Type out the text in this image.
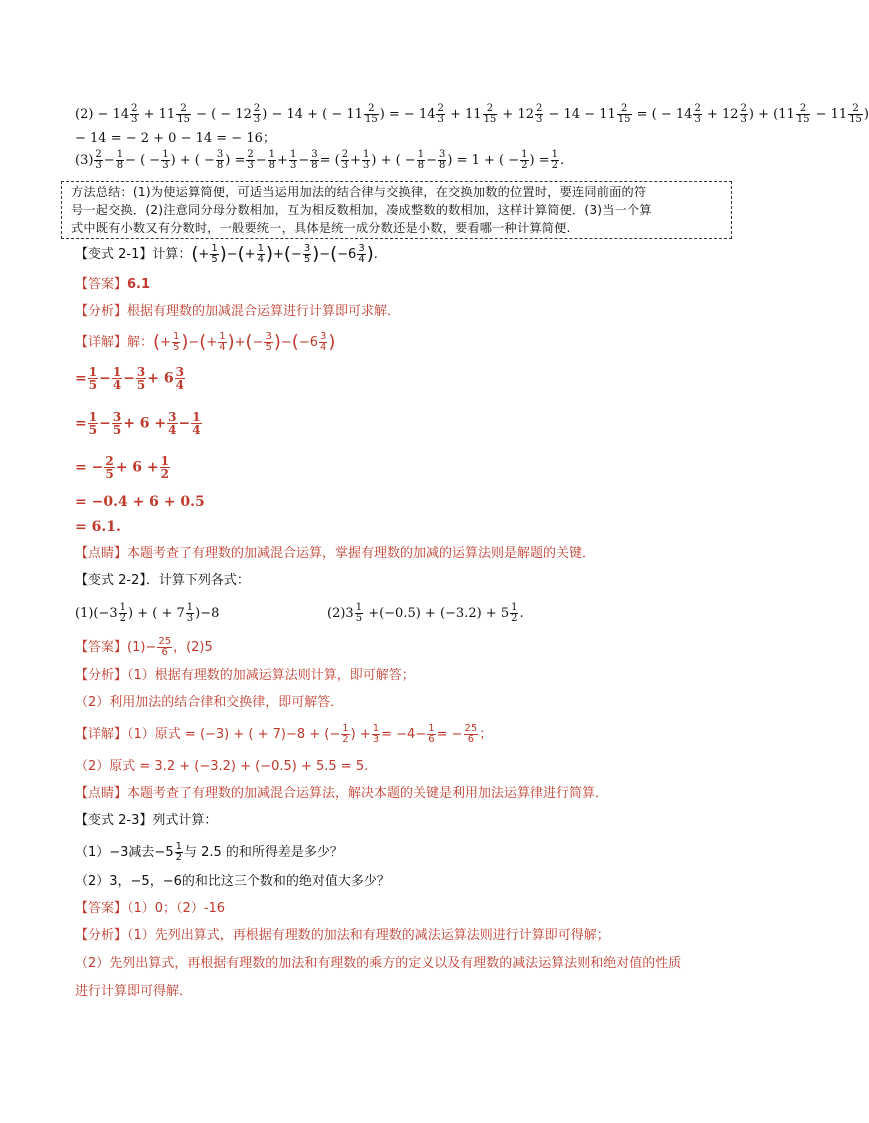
$(2) - 14 \frac{2}{3} + 11 \frac{2}{15}$ − ( − $12 \frac{2}{3}$ ) − 14 + ( − $11 \frac{2}{15}$ ) = − $14 \frac{2}{3} + 11 \frac{2}{15} + 12 \frac{2}{3} - 14 - 11 \frac{2}{15}$ = ( − $14 \frac{2}{3} + 12 \frac{2}{3}$ ) + ($11 \frac{2}{15} - 11 \frac{2}{15}$ )
− 14 = − 2 + 0 − 14 = − 16；
$(3) \frac{2}{3} - \frac{1}{8}$ − ( − $\frac{1}{3}$ ) + ( − $\frac{3}{8}$ ) = $\frac{2}{3} - \frac{1}{8} + \frac{1}{3} - \frac{3}{8}$ = ( $\frac{2}{3} + \frac{1}{3}$ ) + ( − $\frac{1}{8} - \frac{3}{8}$ ) = 1 + ( − $\frac{1}{2}$ ) = $\frac{1}{2}$ .
方法总结：(1)为使运算简便，可适当运用加法的结合律与交换律，在交换加数的位置时，要连同前面的符
号一起交换．(2)注意同分母分数相加，互为相反数相加，凑成整数的数相加，这样计算简便．(3)当一个算
式中既有小数又有分数时，一般要统一，具体是统一成分数还是小数，要看哪一种计算简便.
【变式 2-1】计算：(+ $\frac{1}{5}$ )−(+ $\frac{1}{4}$ )+(− $\frac{3}{5} )-(-6 \frac{3}{4}$ ).
【答案】6.1
【分析】根据有理数的加减混合运算进行计算即可求解．
【详解】解：(+ $\frac{1}{5}$ )−(+ $\frac{1}{4}$ )+(− $\frac{3}{5} )-(-6 \frac{3}{4}$ )
= $\frac{1}{5} - \frac{1}{4} - \frac{3}{5} + 6 \frac{3}{4}$
= $\frac{1}{5} - \frac{3}{5} + 6 + \frac{3}{4} - \frac{1}{4}$
= − $\frac{2}{5} + 6 + \frac{1}{2}$
= −0.4 + 6 + 0.5
= 6.1.
【点睛】本题考查了有理数的加减混合运算，掌握有理数的加减的运算法则是解题的关键．
【变式 2-2】．计算下列各式：
$(1)(-3 \frac{1}{2}$ ) + ( + $7 \frac{1}{3} )-8$	$(2)3 \frac{1}{5} +(-0.5) + (-3.2) + 5 \frac{1}{2}$ .
【答案】$(1)- \frac{25}{6}$ ，(2)5
【分析】（1）根据有理数的加减运算法则计算，即可解答；
（2）利用加法的结合律和交换律，即可解答．
【详解】（1）原式 = (−3) + ( + 7)−8 + (− $\frac{1}{2}$ ) + $\frac{1}{3} = -4- \frac{1}{6}$ = − $\frac{25}{6}$ ；
（2）原式 = 3.2 + (−3.2) + (−0.5) + 5.5 = 5.
【点睛】本题考查了有理数的加减混合运算法，解决本题的关键是利用加法运算律进行简算．
【变式 2-3】列式计算：
（1）−3减去$-5 \frac{1}{2}$ 与 2.5 的和所得差是多少？
（2）3，−5，−6的和比这三个数和的绝对值大多少？
【答案】（1）0；（2）-16
【分析】（1）先列出算式，再根据有理数的加法和有理数的减法运算法则进行计算即可得解；
（2）先列出算式，再根据有理数的加法和有理数的乘方的定义以及有理数的减法运算法则和绝对值的性质
进行计算即可得解．
